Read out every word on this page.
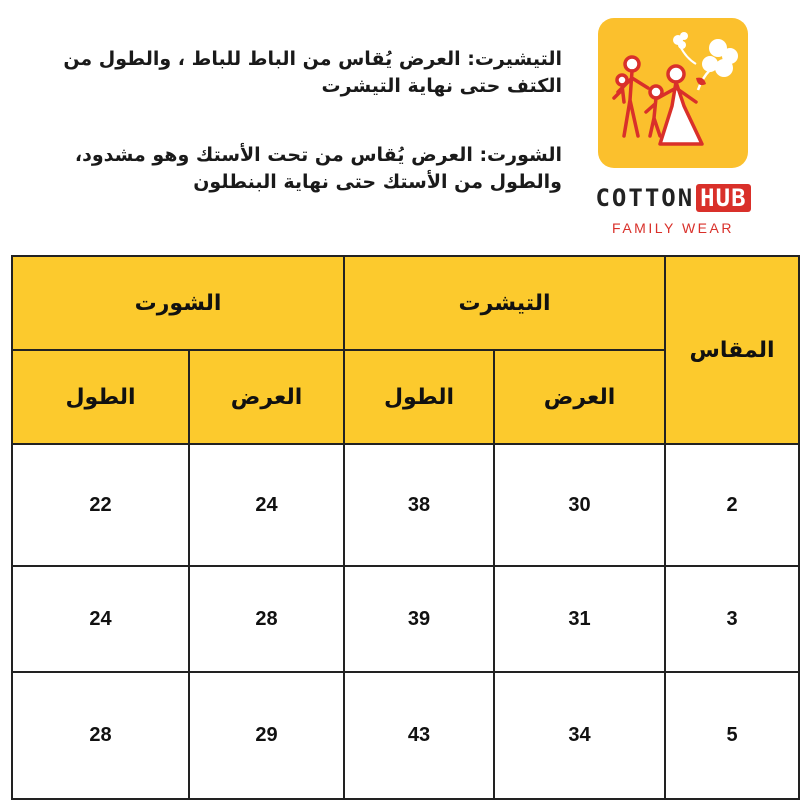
التيشيرت: العرض يُقاس من الباط للباط ، والطول من الكتف حتى نهاية التيشرت

الشورت: العرض يُقاس من تحت الأستك وهو مشدود، والطول من الأستك حتى نهاية البنطلون

COTTON HUB
FAMILY WEAR
الشورت		التيشرت		المقاس
الطول	العرض	الطول	العرض	
22	24	38	30	2
24	28	39	31	3
28	29	43	34	5
